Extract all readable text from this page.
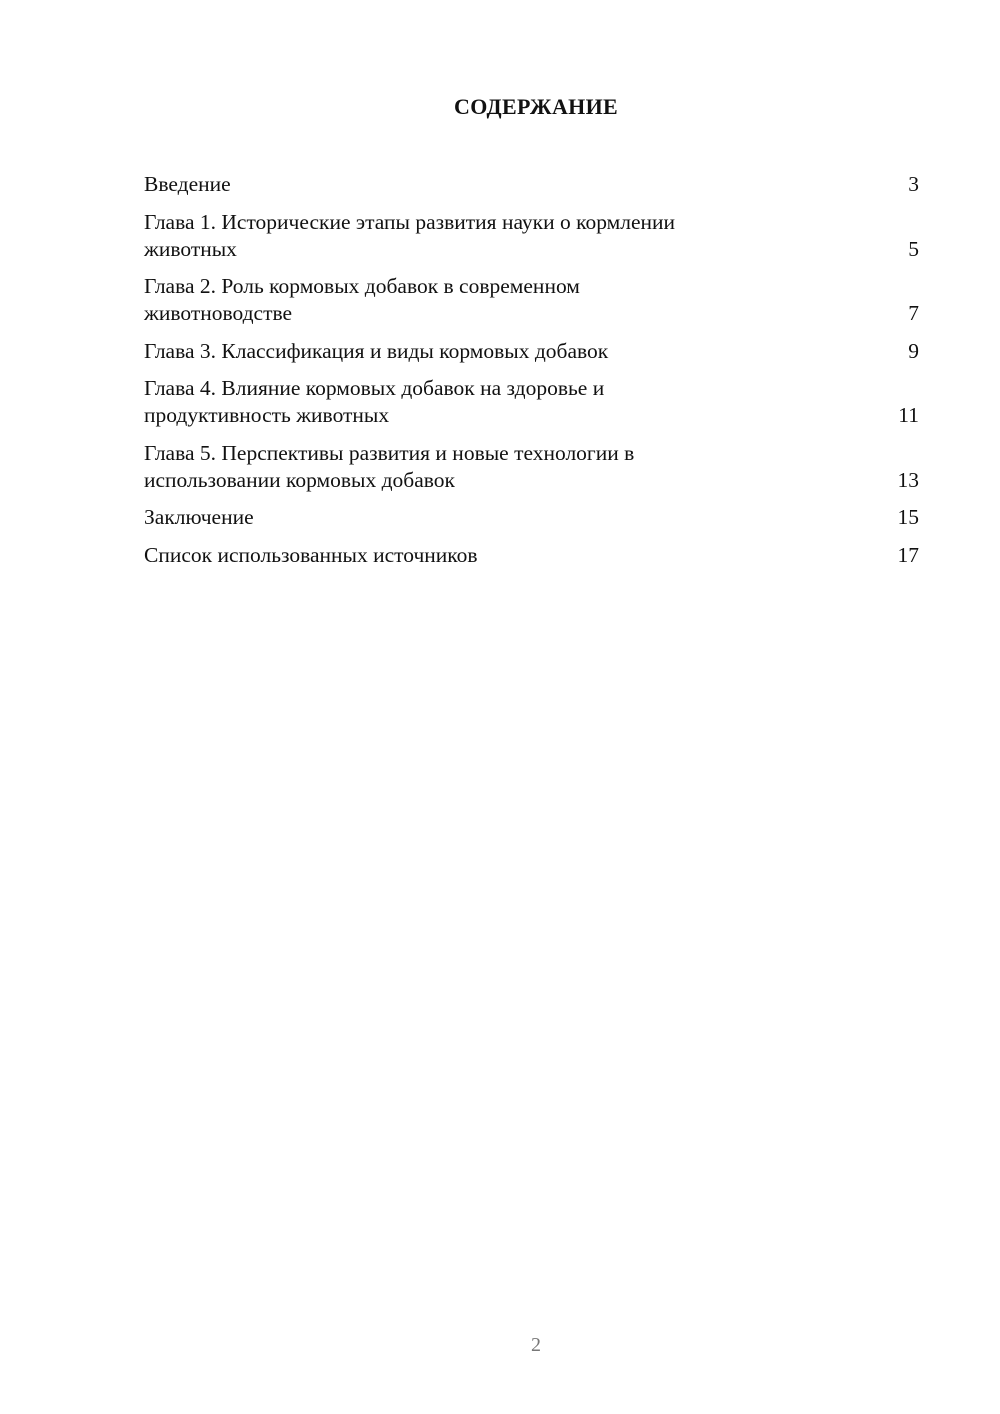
СОДЕРЖАНИЕ
Введение	3
Глава 1. Исторические этапы развития науки о кормлении
животных	5
Глава 2. Роль кормовых добавок в современном
животноводстве	7
Глава 3. Классификация и виды кормовых добавок	9
Глава 4. Влияние кормовых добавок на здоровье и
продуктивность животных	11
Глава 5. Перспективы развития и новые технологии в
использовании кормовых добавок	13
Заключение	15
Список использованных источников	17
2
